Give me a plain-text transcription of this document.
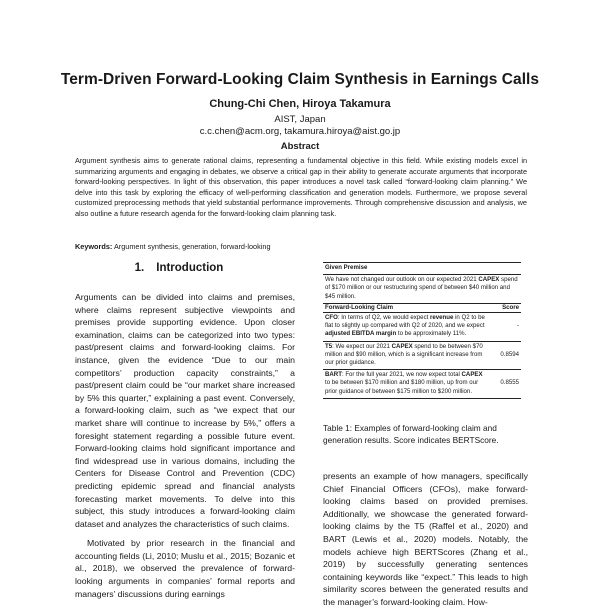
Term-Driven Forward-Looking Claim Synthesis in Earnings Calls
Chung-Chi Chen, Hiroya Takamura
AIST, Japan
c.c.chen@acm.org, takamura.hiroya@aist.go.jp
Abstract

Argument synthesis aims to generate rational claims, representing a fundamental objective in this field. While existing models excel in summarizing arguments and engaging in debates, we observe a critical gap in their ability to generate accurate arguments that incorporate forward-looking perspectives. In light of this observation, this paper introduces a novel task called “forward-looking claim planning.” We delve into this task by exploring the efficacy of well-performing classification and generation models. Furthermore, we propose several customized preprocessing methods that yield substantial performance improvements. Through comprehensive discussion and analysis, we also outline a future research agenda for the forward-looking claim planning task.

Keywords: Argument synthesis, generation, forward-looking
1. Introduction

Arguments can be divided into claims and premises, where claims represent subjective viewpoints and premises provide supporting evidence. Upon closer examination, claims can be categorized into two types: past/present claims and forward-looking claims. For instance, given the evidence “Due to our main competitors’ production capacity constraints,” a past/present claim could be “our market share increased by 5% this quarter,” explaining a past event. Conversely, a forward-looking claim, such as “we expect that our market share will continue to increase by 5%,” offers a foresight statement regarding a possible future event. Forward-looking claims hold significant importance and find widespread use in various domains, including the Centers for Disease Control and Prevention (CDC) predicting epidemic spread and financial analysts forecasting market movements. To delve into this subject, this study introduces a forward-looking claim dataset and analyzes the characteristics of such claims.

Motivated by prior research in the financial and accounting fields (Li, 2010; Muslu et al., 2015; Bozanic et al., 2018), we observed the prevalence of forward-looking arguments in companies’ formal reports and managers’ discussions during earnings

Given Premise	
We have not changed our outlook on our expected 2021 CAPEX spend of $170 million or our restructuring spend of between $40 million and $45 million.	
Forward-Looking Claim	Score
CFO: In terms of Q2, we would expect revenue in Q2 to be flat to slightly up compared with Q2 of 2020, and we expect adjusted EBITDA margin to be approximately 11%.	-
T5: We expect our 2021 CAPEX spend to be between $70 million and $90 million, which is a significant increase from our prior guidance.	0.8594
BART: For the full year 2021, we now expect total CAPEX to be between $170 million and $180 million, up from our prior guidance of between $175 million to $200 million.	0.8555
Table 1: Examples of forward-looking claim and generation results. Score indicates BERTScore.

presents an example of how managers, specifically Chief Financial Officers (CFOs), make forward-looking claims based on provided premises. Additionally, we showcase the generated forward-looking claims by the T5 (Raffel et al., 2020) and BART (Lewis et al., 2020) models. Notably, the models achieve high BERTScores (Zhang et al., 2019) by successfully generating sentences containing keywords like “expect.” This leads to high similarity scores between the generated results and the manager’s forward-looking claim. How-
